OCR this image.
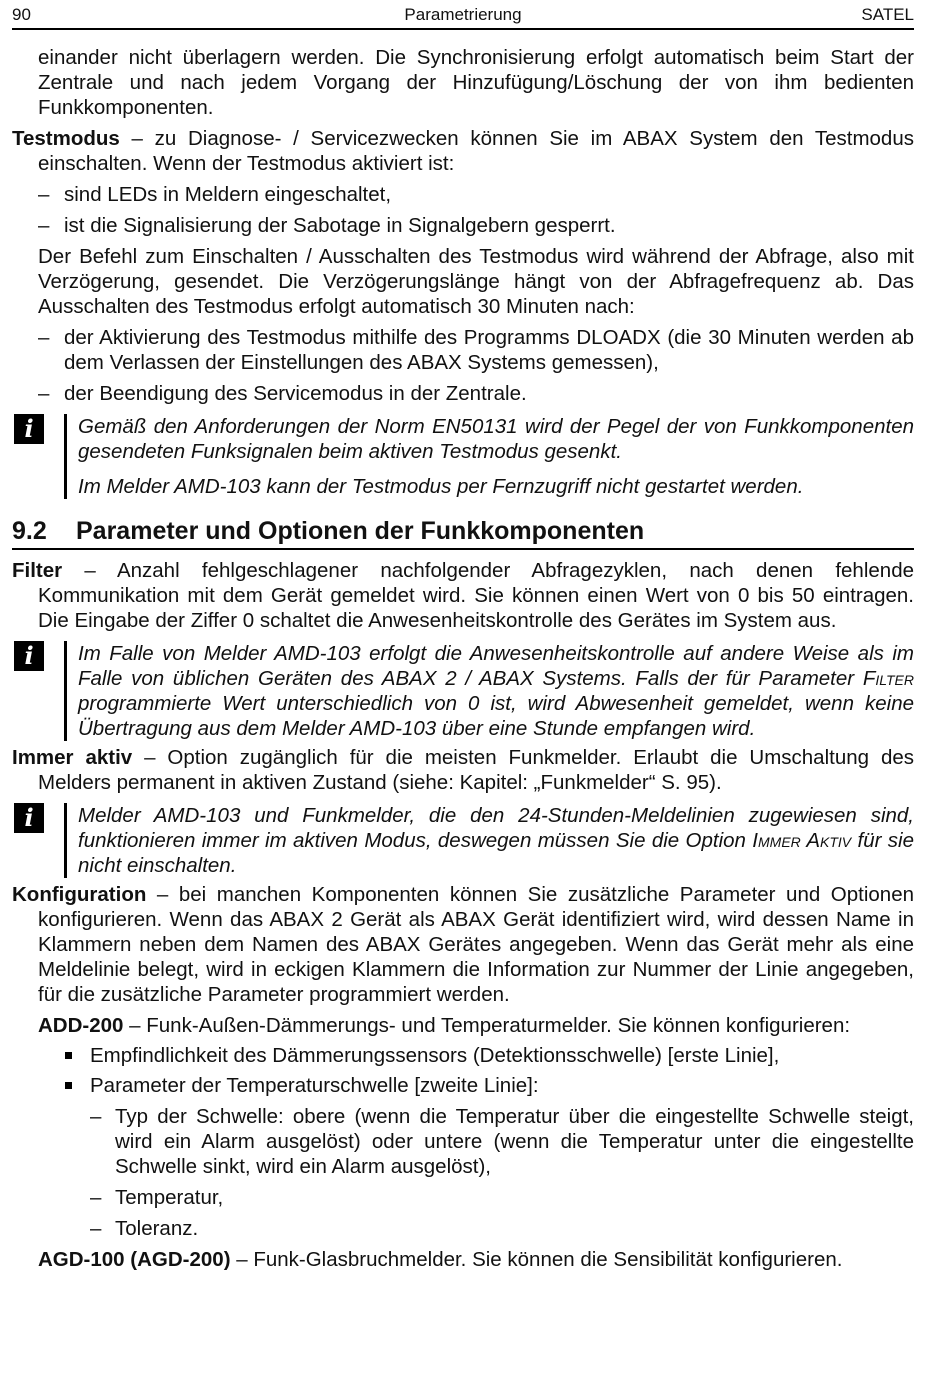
90	Parametrierung	SATEL

einander nicht überlagern werden. Die Synchronisierung erfolgt automatisch beim Start der Zentrale und nach jedem Vorgang der Hinzufügung/Löschung der von ihm bedienten Funkkomponenten.

Testmodus – zu Diagnose- / Servicezwecken können Sie im ABAX System den Testmodus einschalten. Wenn der Testmodus aktiviert ist:

– sind LEDs in Meldern eingeschaltet,
– ist die Signalisierung der Sabotage in Signalgebern gesperrt.

Der Befehl zum Einschalten / Ausschalten des Testmodus wird während der Abfrage, also mit Verzögerung, gesendet. Die Verzögerungslänge hängt von der Abfragefrequenz ab. Das Ausschalten des Testmodus erfolgt automatisch 30 Minuten nach:

– der Aktivierung des Testmodus mithilfe des Programms DLOADX (die 30 Minuten werden ab dem Verlassen der Einstellungen des ABAX Systems gemessen),
– der Beendigung des Servicemodus in der Zentrale.
i	Gemäß den Anforderungen der Norm EN50131 wird der Pegel der von Funkkomponenten gesendeten Funksignalen beim aktiven Testmodus gesenkt.

Im Melder AMD-103 kann der Testmodus per Fernzugriff nicht gestartet werden.

9.2 Parameter und Optionen der Funkkomponenten

Filter – Anzahl fehlgeschlagener nachfolgender Abfragezyklen, nach denen fehlende Kommunikation mit dem Gerät gemeldet wird. Sie können einen Wert von 0 bis 50 eintragen. Die Eingabe der Ziffer 0 schaltet die Anwesenheitskontrolle des Gerätes im System aus.

i	Im Falle von Melder AMD-103 erfolgt die Anwesenheitskontrolle auf andere Weise als im Falle von üblichen Geräten des ABAX 2 / ABAX Systems. Falls der für Parameter Filter programmierte Wert unterschiedlich von 0 ist, wird Abwesenheit gemeldet, wenn keine Übertragung aus dem Melder AMD-103 über eine Stunde empfangen wird.

Immer aktiv – Option zugänglich für die meisten Funkmelder. Erlaubt die Umschaltung des Melders permanent in aktiven Zustand (siehe: Kapitel: „Funkmelder“ S. 95).

i	Melder AMD-103 und Funkmelder, die den 24-Stunden-Meldelinien zugewiesen sind, funktionieren immer im aktiven Modus, deswegen müssen Sie die Option Immer Aktiv für sie nicht einschalten.

Konfiguration – bei manchen Komponenten können Sie zusätzliche Parameter und Optionen konfigurieren. Wenn das ABAX 2 Gerät als ABAX Gerät identifiziert wird, wird dessen Name in Klammern neben dem Namen des ABAX Gerätes angegeben. Wenn das Gerät mehr als eine Meldelinie belegt, wird in eckigen Klammern die Information zur Nummer der Linie angegeben, für die zusätzliche Parameter programmiert werden.

ADD-200 – Funk-Außen-Dämmerungs- und Temperaturmelder. Sie können konfigurieren:

Empfindlichkeit des Dämmerungssensors (Detektionsschwelle) [erste Linie],
Parameter der Temperaturschwelle [zweite Linie]:
– Typ der Schwelle: obere (wenn die Temperatur über die eingestellte Schwelle steigt, wird ein Alarm ausgelöst) oder untere (wenn die Temperatur unter die eingestellte Schwelle sinkt, wird ein Alarm ausgelöst),
– Temperatur,
– Toleranz.

AGD-100 (AGD-200) – Funk-Glasbruchmelder. Sie können die Sensibilität konfigurieren.
